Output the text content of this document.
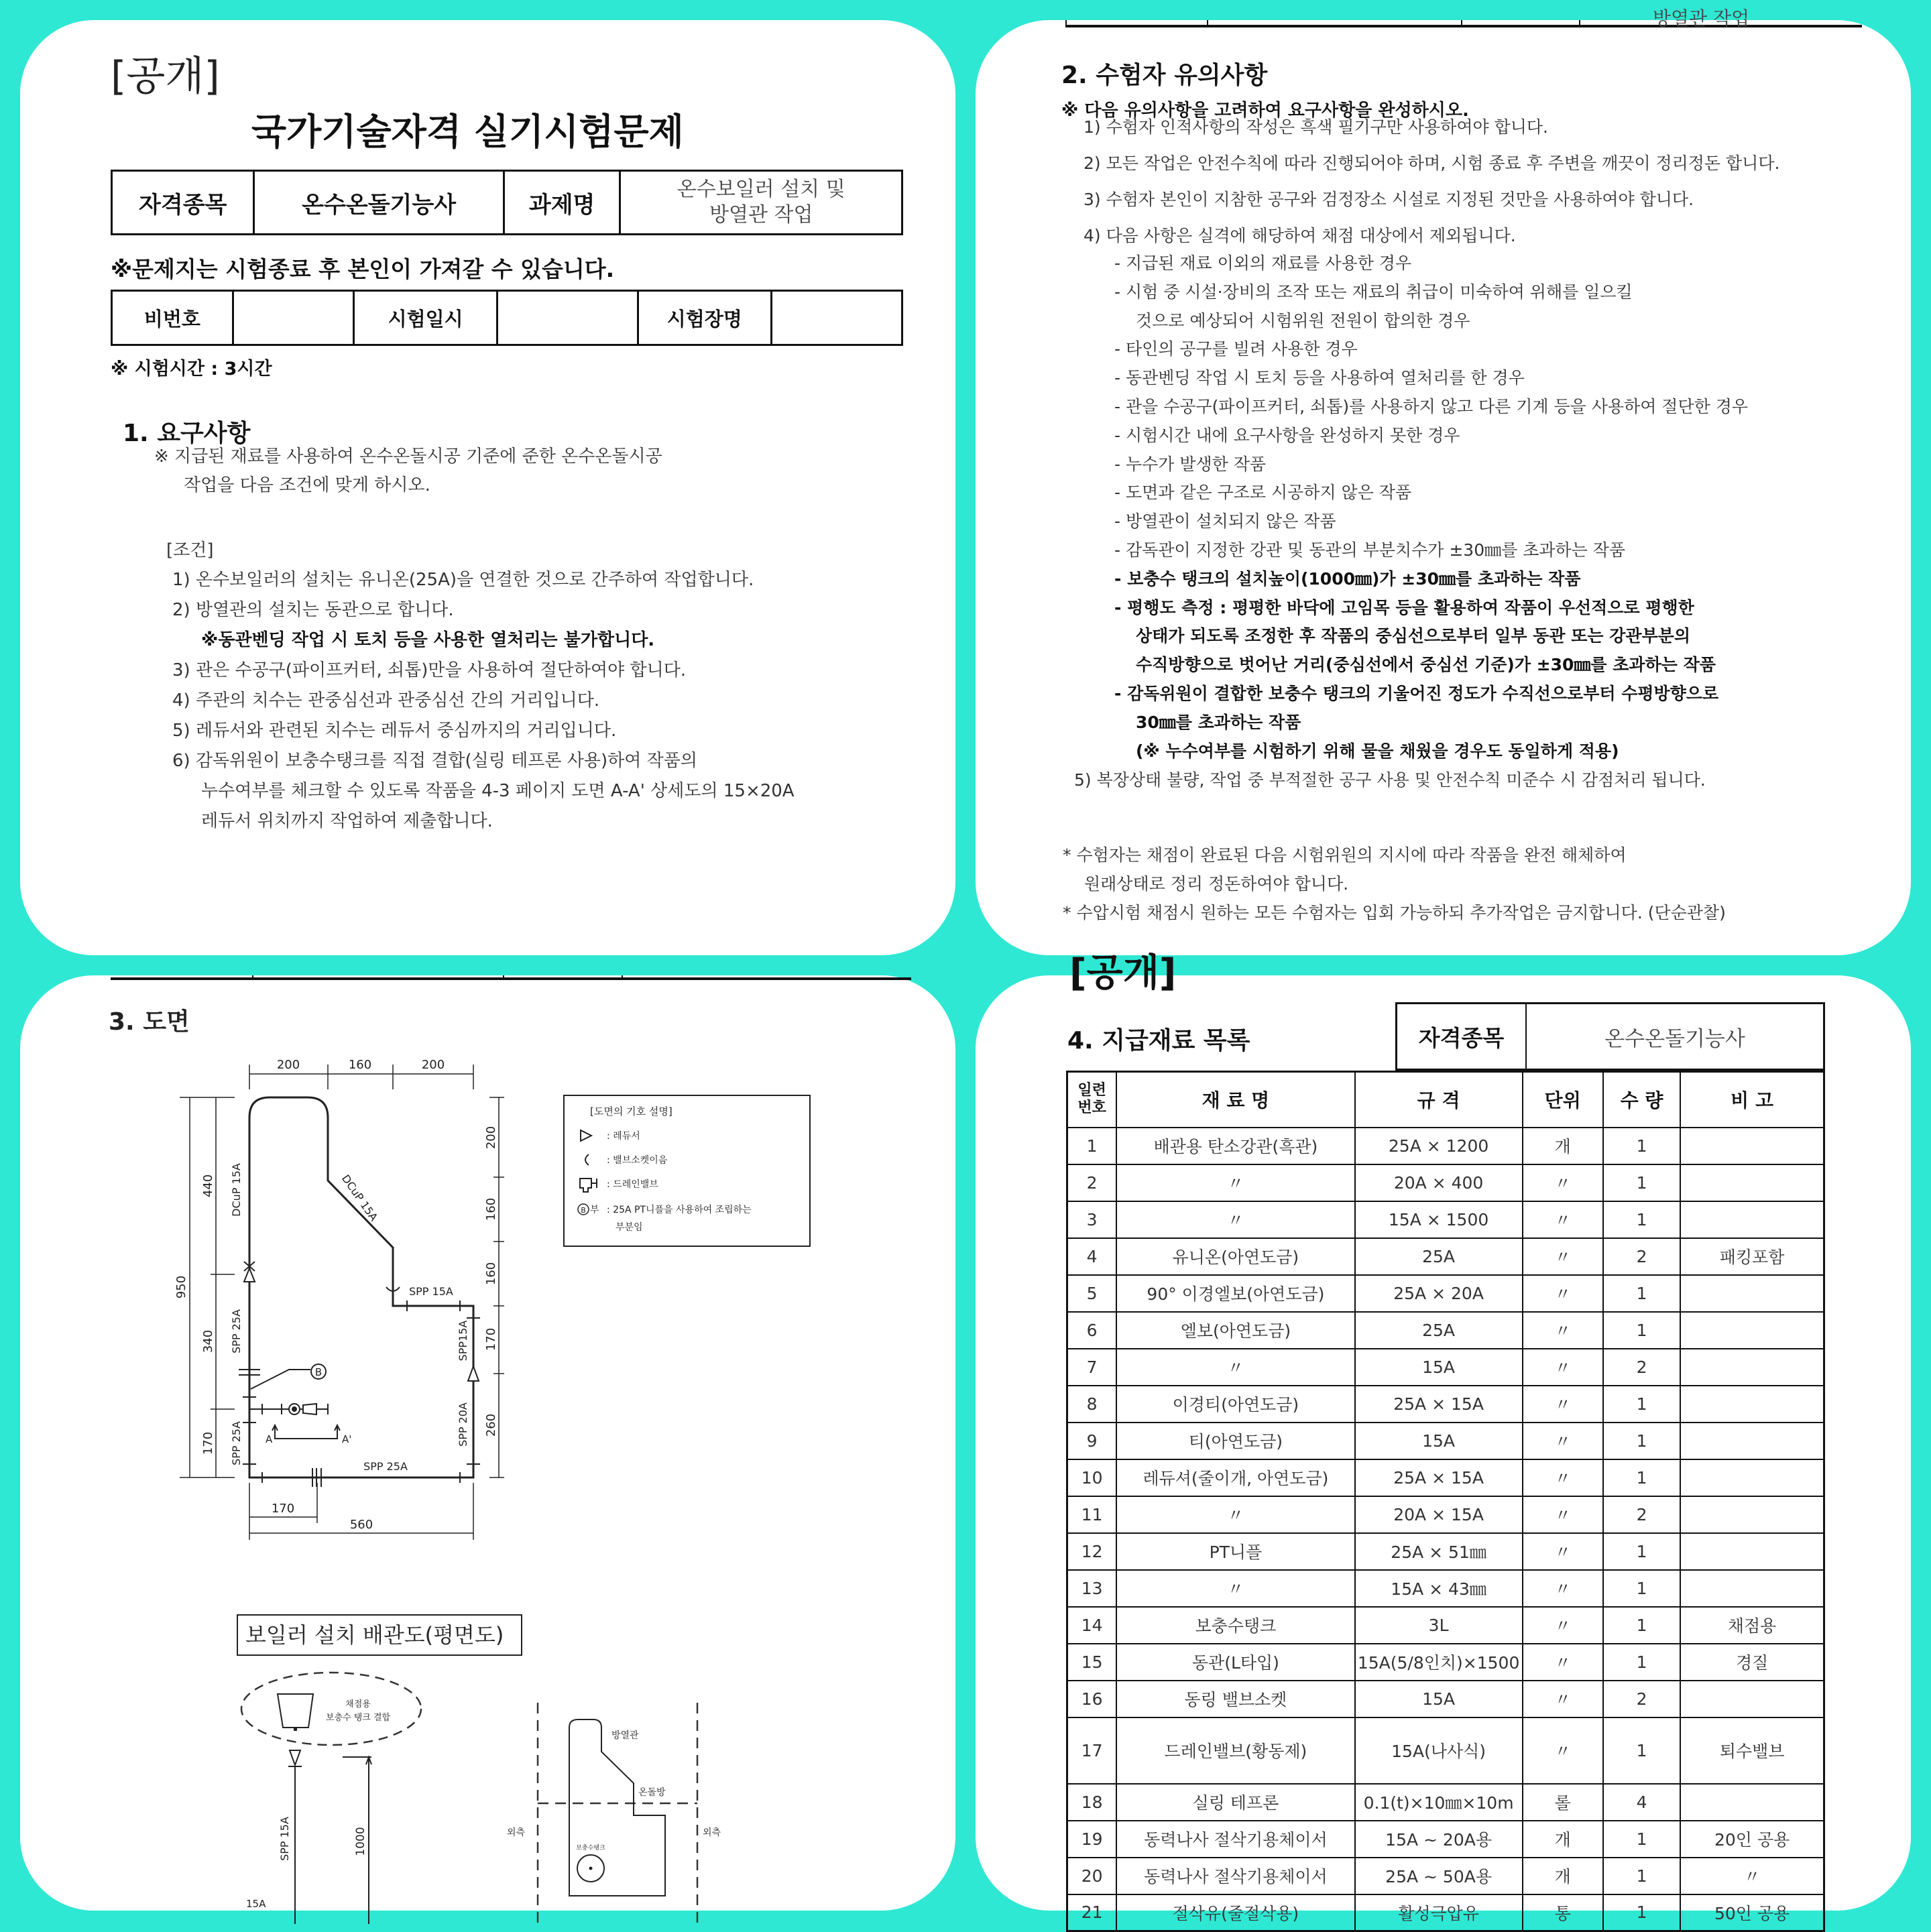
[공개]
국가기술자격 실기시험문제
자격종목	온수온돌기능사	과제명	
온수보일러 설치 및
방열관 작업
※문제지는 시험종료 후 본인이 가져갈 수 있습니다.
비번호		시험일시		시험장명	
※ 시험시간 : 3시간
1. 요구사항
※ 지급된 재료를 사용하여 온수온돌시공 기준에 준한 온수온돌시공
작업을 다음 조건에 맞게 하시오.
[조건]
1) 온수보일러의 설치는 유니온(25A)을 연결한 것으로 간주하여 작업합니다.
2) 방열관의 설치는 동관으로 합니다.
※동관벤딩 작업 시 토치 등을 사용한 열처리는 불가합니다.
3) 관은 수공구(파이프커터, 쇠톱)만을 사용하여 절단하여야 합니다.
4) 주관의 치수는 관중심선과 관중심선 간의 거리입니다.
5) 레듀서와 관련된 치수는 레듀서 중심까지의 거리입니다.
6) 감독위원이 보충수탱크를 직접 결합(실링 테프론 사용)하여 작품의
누수여부를 체크할 수 있도록 작품을 4-3 페이지 도면 A-A' 상세도의 15×20A
레듀서 위치까지 작업하여 제출합니다.
방열관 작업
2. 수험자 유의사항
※ 다음 유의사항을 고려하여 요구사항을 완성하시오.
1) 수험자 인적사항의 작성은 흑색 필기구만 사용하여야 합니다.
2) 모든 작업은 안전수칙에 따라 진행되어야 하며, 시험 종료 후 주변을 깨끗이 정리정돈 합니다.
3) 수험자 본인이 지참한 공구와 검정장소 시설로 지정된 것만을 사용하여야 합니다.
4) 다음 사항은 실격에 해당하여 채점 대상에서 제외됩니다.
- 지급된 재료 이외의 재료를 사용한 경우
- 시험 중 시설·장비의 조작 또는 재료의 취급이 미숙하여 위해를 일으킬
것으로 예상되어 시험위원 전원이 합의한 경우
- 타인의 공구를 빌려 사용한 경우
- 동관벤딩 작업 시 토치 등을 사용하여 열처리를 한 경우
- 관을 수공구(파이프커터, 쇠톱)를 사용하지 않고 다른 기계 등을 사용하여 절단한 경우
- 시험시간 내에 요구사항을 완성하지 못한 경우
- 누수가 발생한 작품
- 도면과 같은 구조로 시공하지 않은 작품
- 방열관이 설치되지 않은 작품
- 감독관이 지정한 강관 및 동관의 부분치수가 ±30㎜를 초과하는 작품
- 보충수 탱크의 설치높이(1000㎜)가 ±30㎜를 초과하는 작품
- 평행도 측정 : 평평한 바닥에 고임목 등을 활용하여 작품이 우선적으로 평행한
상태가 되도록 조정한 후 작품의 중심선으로부터 일부 동관 또는 강관부분의
수직방향으로 벗어난 거리(중심선에서 중심선 기준)가 ±30㎜를 초과하는 작품
- 감독위원이 결합한 보충수 탱크의 기울어진 정도가 수직선으로부터 수평방향으로
30㎜를 초과하는 작품
(※ 누수여부를 시험하기 위해 물을 채웠을 경우도 동일하게 적용)
5) 복장상태 불량, 작업 중 부적절한 공구 사용 및 안전수칙 미준수 시 감점처리 됩니다.
* 수험자는 채점이 완료된 다음 시험위원의 지시에 따라 작품을 완전 해체하여
원래상태로 정리 정돈하여야 합니다.
* 수압시험 채점시 원하는 모든 수험자는 입회 가능하되 추가작업은 금지합니다. (단순관찰)
3. 도면
B
A	A'
200	160	200
950
440
340
170
200
160
160
170
260
170
560
DCuP 15A	DCuP 15A
SPP 15A
SPP 25A
SPP 25A
SPP15A
SPP 20A
SPP 25A
[도면의 기호 설명]
: 레듀서
: 밸브소켓이음
: 드레인밸브
B 부 : 25A PT니플을 사용하여 조립하는
부분임
보일러 설치 배관도(평면도)
채점용
보충수 탱크 결합
SPP 15A	1000
15A
방열관
온돌방
외측	외측
보충수탱크
[공개]
4. 지급재료 목록	자격종목	온수온돌기능사
일련
번호	재 료 명	규 격	단위	수 량	비 고
1	배관용 탄소강관(흑관)	25A × 1200	개	1	
2	〃	20A × 400	〃	1	
3	〃	15A × 1500	〃	1	
4	유니온(아연도금)	25A	〃	2	패킹포함
5	90° 이경엘보(아연도금)	25A × 20A	〃	1	
6	엘보(아연도금)	25A	〃	1	
7	〃	15A	〃	2	
8	이경티(아연도금)	25A × 15A	〃	1	
9	티(아연도금)	15A	〃	1	
10	레듀셔(줄이개, 아연도금)	25A × 15A	〃	1	
11	〃	20A × 15A	〃	2	
12	PT니플	25A × 51㎜	〃	1	
13	〃	15A × 43㎜	〃	1	
14	보충수탱크	3L	〃	1	채점용
15	동관(L타입)	15A(5/8인치)×1500	〃	1	경질
16	동링 밸브소켓	15A	〃	2	
17	드레인밸브(황동제)	15A(나사식)	〃	1	퇴수밸브
18	실링 테프론	0.1(t)×10㎜×10m	롤	4	
19	동력나사 절삭기용체이서	15A ~ 20A용	개	1	20인 공용
20	동력나사 절삭기용체이서	25A ~ 50A용	개	1	〃
21	절삭유(줄절삭용)	활성극압유	통	1	50인 공용
